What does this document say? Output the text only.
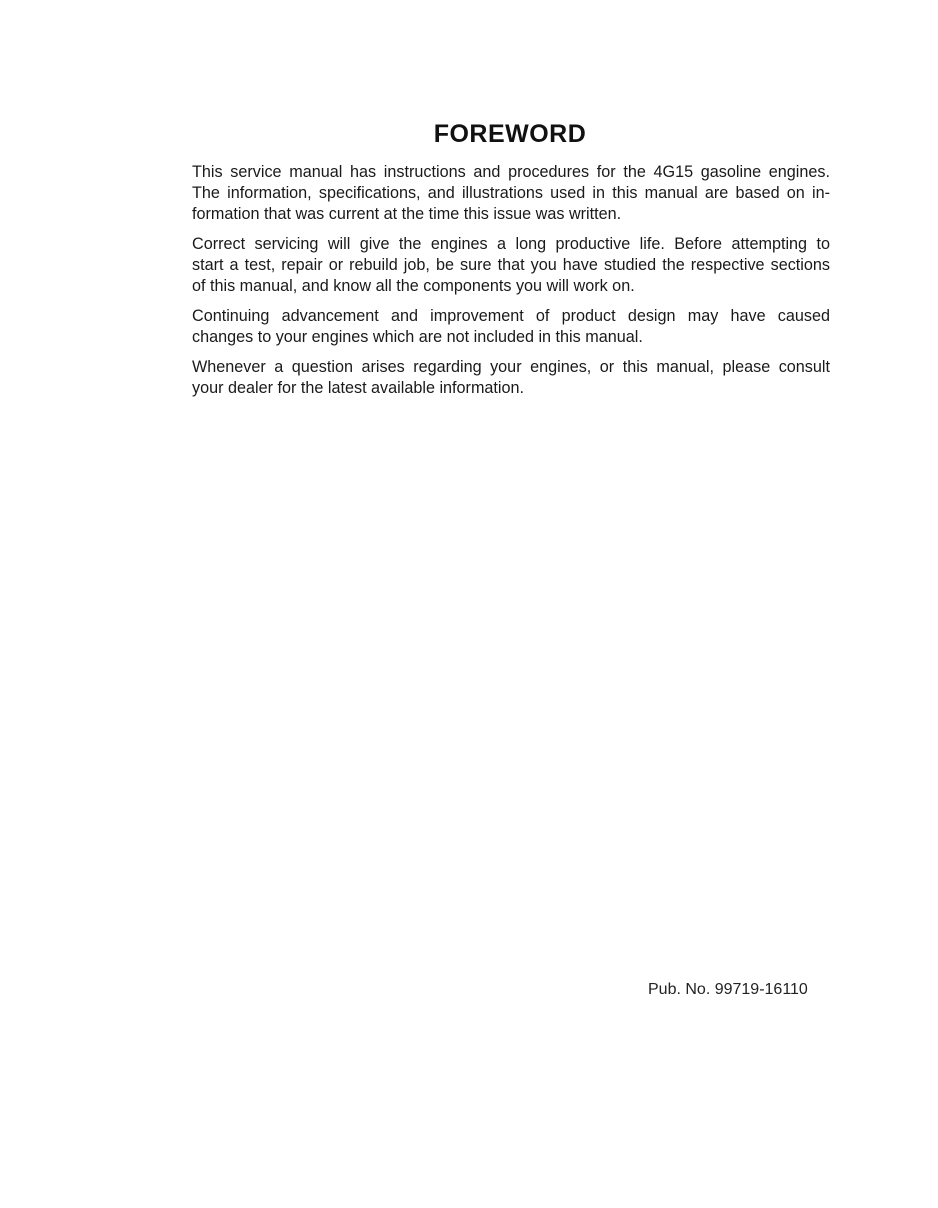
FOREWORD

This service manual has instructions and procedures for the 4G15 gasoline engines.
The information, specifications, and illustrations used in this manual are based on in-
formation that was current at the time this issue was written.

Correct servicing will give the engines a long productive life. Before attempting to
start a test, repair or rebuild job, be sure that you have studied the respective sections
of this manual, and know all the components you will work on.

Continuing advancement and improvement of product design may have caused
changes to your engines which are not included in this manual.

Whenever a question arises regarding your engines, or this manual, please consult
your dealer for the latest available information.

Pub. No. 99719-16110
